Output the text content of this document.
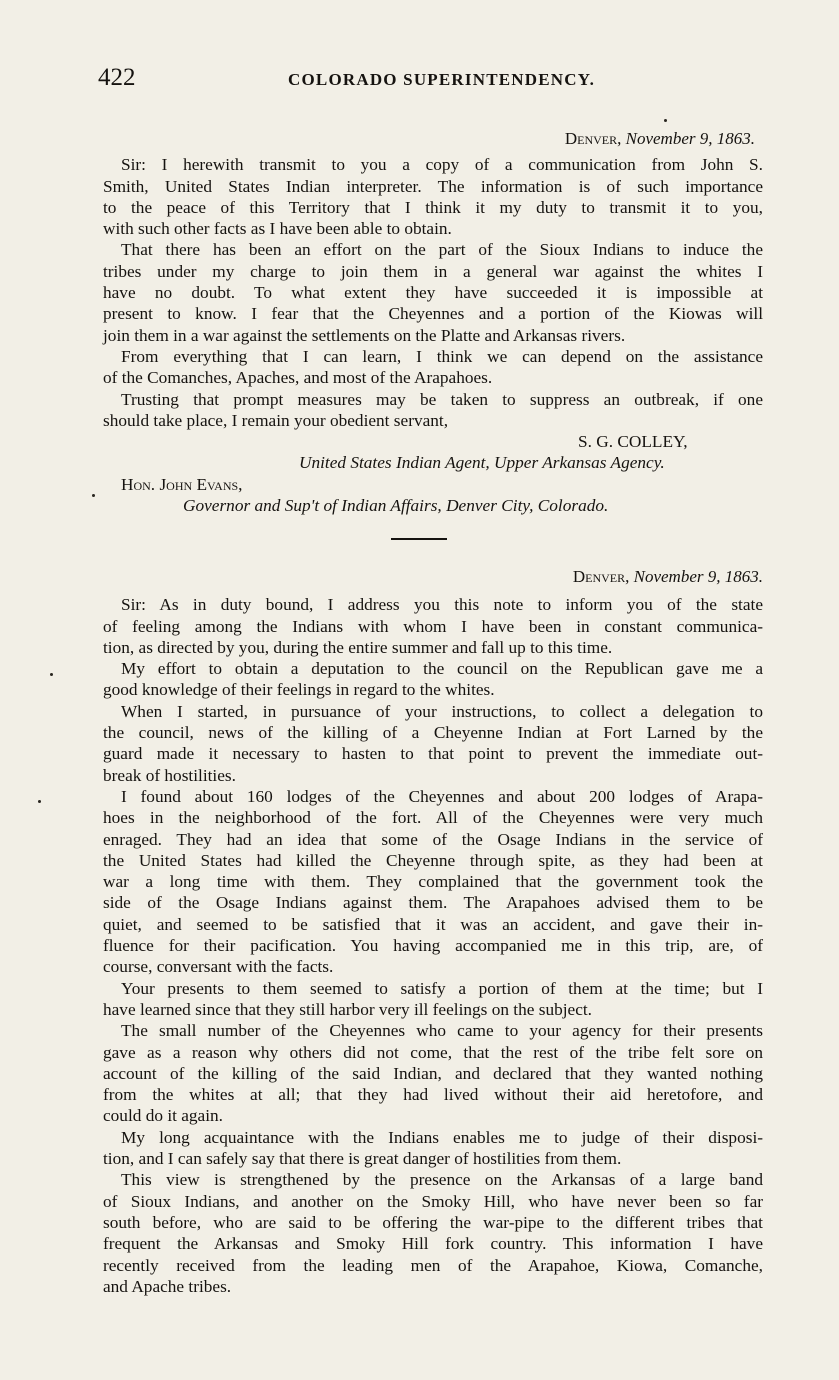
422	COLORADO SUPERINTENDENCY.
Denver, November 9, 1863.
Sir: I herewith transmit to you a copy of a communication from John S.
Smith, United States Indian interpreter. The information is of such importance
to the peace of this Territory that I think it my duty to transmit it to you,
with such other facts as I have been able to obtain.
That there has been an effort on the part of the Sioux Indians to induce the
tribes under my charge to join them in a general war against the whites I
have no doubt. To what extent they have succeeded it is impossible at
present to know. I fear that the Cheyennes and a portion of the Kiowas will
join them in a war against the settlements on the Platte and Arkansas rivers.
From everything that I can learn, I think we can depend on the assistance
of the Comanches, Apaches, and most of the Arapahoes.
Trusting that prompt measures may be taken to suppress an outbreak, if one
should take place, I remain your obedient servant,
S. G. COLLEY,
United States Indian Agent, Upper Arkansas Agency.
Hon. John Evans,
Governor and Sup't of Indian Affairs, Denver City, Colorado.
Denver, November 9, 1863.
Sir: As in duty bound, I address you this note to inform you of the state
of feeling among the Indians with whom I have been in constant communica-
tion, as directed by you, during the entire summer and fall up to this time.
My effort to obtain a deputation to the council on the Republican gave me a
good knowledge of their feelings in regard to the whites.
When I started, in pursuance of your instructions, to collect a delegation to
the council, news of the killing of a Cheyenne Indian at Fort Larned by the
guard made it necessary to hasten to that point to prevent the immediate out-
break of hostilities.
I found about 160 lodges of the Cheyennes and about 200 lodges of Arapa-
hoes in the neighborhood of the fort. All of the Cheyennes were very much
enraged. They had an idea that some of the Osage Indians in the service of
the United States had killed the Cheyenne through spite, as they had been at
war a long time with them. They complained that the government took the
side of the Osage Indians against them. The Arapahoes advised them to be
quiet, and seemed to be satisfied that it was an accident, and gave their in-
fluence for their pacification. You having accompanied me in this trip, are, of
course, conversant with the facts.
Your presents to them seemed to satisfy a portion of them at the time; but I
have learned since that they still harbor very ill feelings on the subject.
The small number of the Cheyennes who came to your agency for their presents
gave as a reason why others did not come, that the rest of the tribe felt sore on
account of the killing of the said Indian, and declared that they wanted nothing
from the whites at all; that they had lived without their aid heretofore, and
could do it again.
My long acquaintance with the Indians enables me to judge of their disposi-
tion, and I can safely say that there is great danger of hostilities from them.
This view is strengthened by the presence on the Arkansas of a large band
of Sioux Indians, and another on the Smoky Hill, who have never been so far
south before, who are said to be offering the war-pipe to the different tribes that
frequent the Arkansas and Smoky Hill fork country. This information I have
recently received from the leading men of the Arapahoe, Kiowa, Comanche,
and Apache tribes.
